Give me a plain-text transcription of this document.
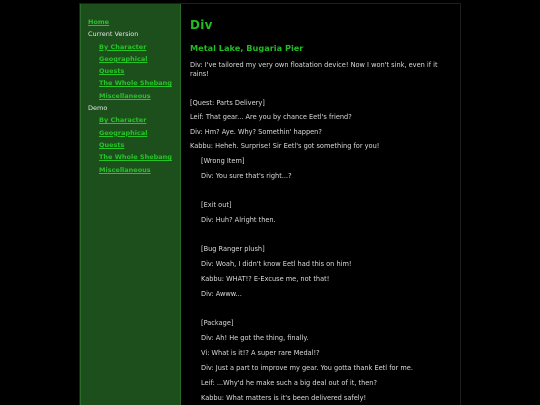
Home
Current Version
By Character
Geographical
Quests
The Whole Shebang
Miscellaneous
Demo
By Character
Geographical
Quests
The Whole Shebang
Miscellaneous
Div
Metal Lake, Bugaria Pier
Div: I've tailored my very own floatation device! Now I won't sink, even if it rains!
[Quest: Parts Delivery]
Leif: That gear... Are you by chance Eetl's friend?
Div: Hm? Aye. Why? Somethin' happen?
Kabbu: Heheh. Surprise! Sir Eetl's got something for you!
[Wrong Item]
Div: You sure that's right...?
[Exit out]
Div: Huh? Alright then.
[Bug Ranger plush]
Div: Woah, I didn't know Eetl had this on him!
Kabbu: WHAT!? E-Excuse me, not that!
Div: Awww...
[Package]
Div: Ah! He got the thing, finally.
Vi: What is it!? A super rare Medal!?
Div: Just a part to improve my gear. You gotta thank Eetl for me.
Leif: ...Why'd he make such a big deal out of it, then?
Kabbu: What matters is it's been delivered safely!
